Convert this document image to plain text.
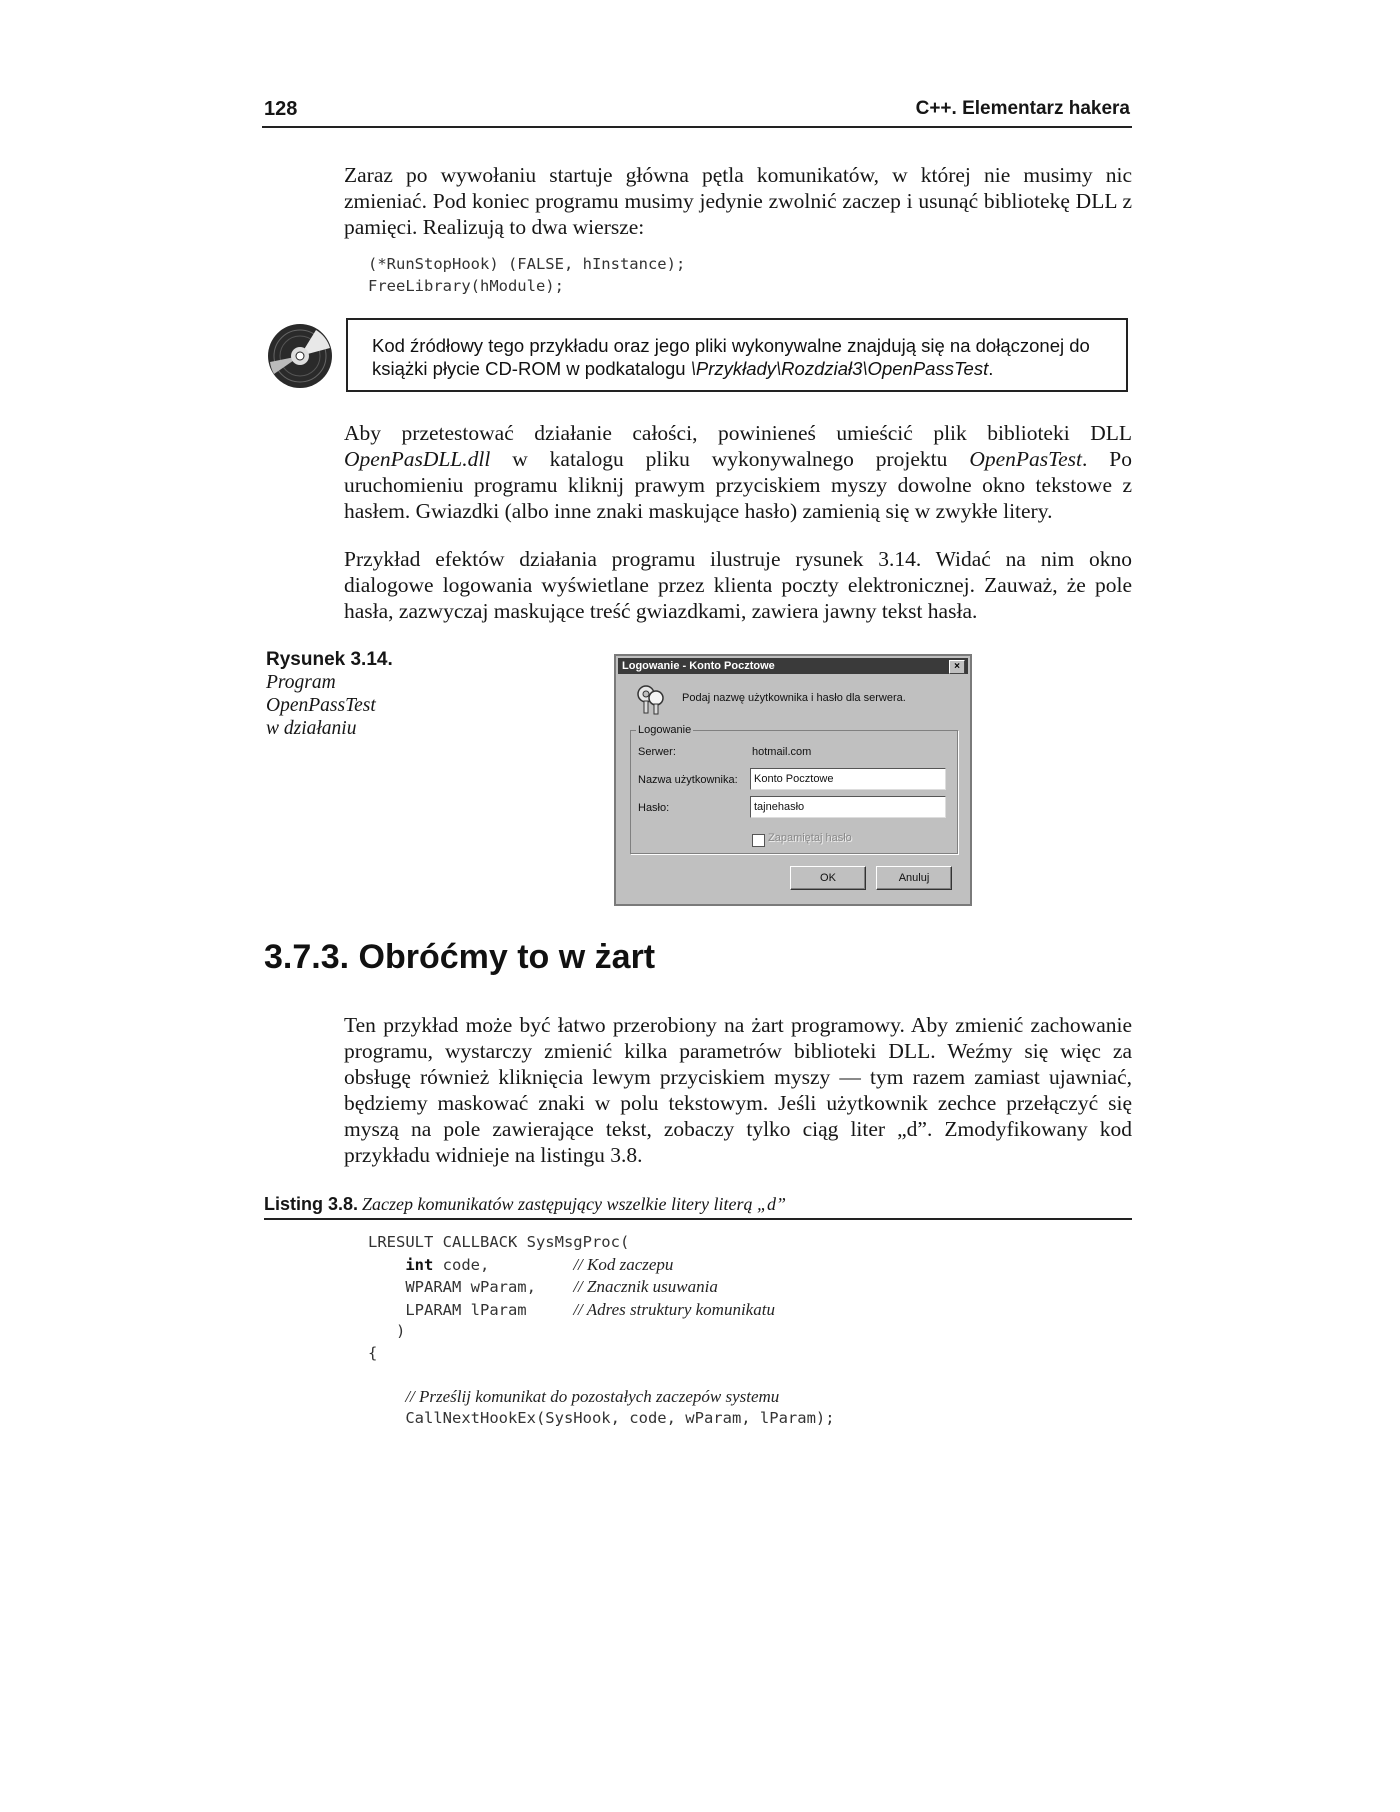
128	C++. Elementarz hakera
Zaraz po wywołaniu startuje główna pętla komunikatów, w której nie musimy nic zmieniać. Pod koniec programu musimy jedynie zwolnić zaczep i usunąć bibliotekę DLL z pamięci. Realizują to dwa wiersze:
(*RunStopHook) (FALSE, hInstance);
FreeLibrary(hModule);
Kod źródłowy tego przykładu oraz jego pliki wykonywalne znajdują się na dołączonej do książki płycie CD-ROM w podkatalogu \Przykłady\Rozdział3\OpenPassTest.
Aby przetestować działanie całości, powinieneś umieścić plik biblioteki DLL OpenPasDLL.dll w katalogu pliku wykonywalnego projektu OpenPasTest. Po uruchomieniu programu kliknij prawym przyciskiem myszy dowolne okno tekstowe z hasłem. Gwiazdki (albo inne znaki maskujące hasło) zamienią się w zwykłe litery.
Przykład efektów działania programu ilustruje rysunek 3.14. Widać na nim okno dialogowe logowania wyświetlane przez klienta poczty elektronicznej. Zauważ, że pole hasła, zazwyczaj maskujące treść gwiazdkami, zawiera jawny tekst hasła.
Rysunek 3.14.
Program
OpenPassTest
w działaniu
Logowanie - Konto Pocztowe	×
Podaj nazwę użytkownika i hasło dla serwera.
Logowanie
Serwer:	hotmail.com
Nazwa użytkownika:	Konto Pocztowe
Hasło:	tajnehasło
Zapamiętaj hasło
OK	Anuluj
3.7.3. Obróćmy to w żart
Ten przykład może być łatwo przerobiony na żart programowy. Aby zmienić zachowanie programu, wystarczy zmienić kilka parametrów biblioteki DLL. Weźmy się więc za obsługę również kliknięcia lewym przyciskiem myszy — tym razem zamiast ujawniać, będziemy maskować znaki w polu tekstowym. Jeśli użytkownik zechce przełączyć się myszą na pole zawierające tekst, zobaczy tylko ciąg liter „d”. Zmodyfikowany kod przykładu widnieje na listingu 3.8.
Listing 3.8. Zaczep komunikatów zastępujący wszelkie litery literą „d”
LRESULT CALLBACK SysMsgProc(
int code,	// Kod zaczepu
WPARAM wParam, // Znacznik usuwania
LPARAM lParam	// Adres struktury komunikatu
)
{

// Prześlij komunikat do pozostałych zaczepów systemu
CallNextHookEx(SysHook, code, wParam, lParam);
